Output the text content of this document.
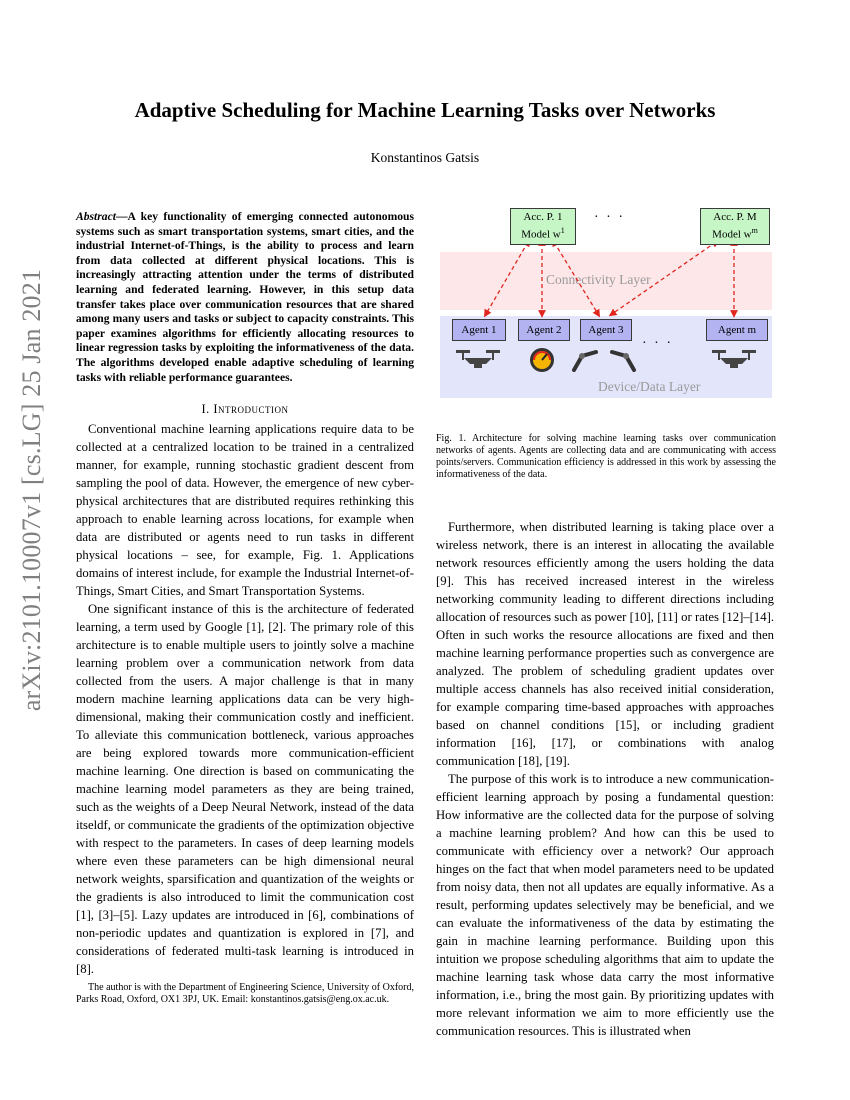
arXiv:2101.10007v1 [cs.LG] 25 Jan 2021
Adaptive Scheduling for Machine Learning Tasks over Networks
Konstantinos Gatsis
Abstract—A key functionality of emerging connected autonomous systems such as smart transportation systems, smart cities, and the industrial Internet-of-Things, is the ability to process and learn from data collected at different physical locations. This is increasingly attracting attention under the terms of distributed learning and federated learning. However, in this setup data transfer takes place over communication resources that are shared among many users and tasks or subject to capacity constraints. This paper examines algorithms for efficiently allocating resources to linear regression tasks by exploiting the informativeness of the data. The algorithms developed enable adaptive scheduling of learning tasks with reliable performance guarantees.
I. Introduction

Conventional machine learning applications require data to be collected at a centralized location to be trained in a centralized manner, for example, running stochastic gradient descent from sampling the pool of data. However, the emergence of new cyber-physical architectures that are distributed requires rethinking this approach to enable learning across locations, for example when data are distributed or agents need to run tasks in different physical locations – see, for example, Fig. 1. Applications domains of interest include, for example the Industrial Internet-of-Things, Smart Cities, and Smart Transportation Systems.

One significant instance of this is the architecture of federated learning, a term used by Google [1], [2]. The primary role of this architecture is to enable multiple users to jointly solve a machine learning problem over a communication network from data collected from the users. A major challenge is that in many modern machine learning applications data can be very high-dimensional, making their communication costly and inefficient. To alleviate this communication bottleneck, various approaches are being explored towards more communication-efficient machine learning. One direction is based on communicating the machine learning model parameters as they are being trained, such as the weights of a Deep Neural Network, instead of the data itseldf, or communicate the gradients of the optimization objective with respect to the parameters. In cases of deep learning models where even these parameters can be high dimensional neural network weights, sparsification and quantization of the weights or the gradients is also introduced to limit the communication cost [1], [3]–[5]. Lazy updates are introduced in [6], combinations of non-periodic updates and quantization is explored in [7], and considerations of federated multi-task learning is introduced in [8].

The author is with the Department of Engineering Science, University of Oxford, Parks Road, Oxford, OX1 3PJ, UK. Email: konstantinos.gatsis@eng.ox.ac.uk.
Connectivity Layer
Device/Data Layer
Acc. P. 1
Model $w^1$
· · ·	Acc. P. M
Model $w^m$
Agent 1	Agent 2	Agent 3	Agent m
· · ·
Fig. 1. Architecture for solving machine learning tasks over communication networks of agents. Agents are collecting data and are communicating with access points/servers. Communication efficiency is addressed in this work by assessing the informativeness of the data.

Furthermore, when distributed learning is taking place over a wireless network, there is an interest in allocating the available network resources efficiently among the users holding the data [9]. This has received increased interest in the wireless networking community leading to different directions including allocation of resources such as power [10], [11] or rates [12]–[14]. Often in such works the resource allocations are fixed and then machine learning performance properties such as convergence are analyzed. The problem of scheduling gradient updates over multiple access channels has also received initial consideration, for example comparing time-based approaches with approaches based on channel conditions [15], or including gradient information [16], [17], or combinations with analog communication [18], [19].

The purpose of this work is to introduce a new communication-efficient learning approach by posing a fundamental question: How informative are the collected data for the purpose of solving a machine learning problem? And how can this be used to communicate with efficiency over a network? Our approach hinges on the fact that when model parameters need to be updated from noisy data, then not all updates are equally informative. As a result, performing updates selectively may be beneficial, and we can evaluate the informativeness of the data by estimating the gain in machine learning performance. Building upon this intuition we propose scheduling algorithms that aim to update the machine learning task whose data carry the most informative information, i.e., bring the most gain. By prioritizing updates with more relevant information we aim to more efficiently use the communication resources. This is illustrated when
